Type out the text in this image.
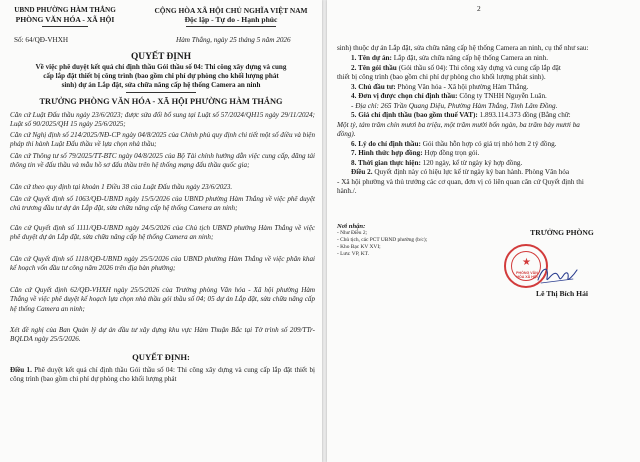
UBND PHƯỜNG HÀM THẮNG
PHÒNG VĂN HÓA - XÃ HỘI
CỘNG HÒA XÃ HỘI CHỦ NGHĨA VIỆT NAM
Độc lập - Tự do - Hạnh phúc
Số: 64/QĐ-VHXH	Hàm Thắng, ngày 25 tháng 5 năm 2026
QUYẾT ĐỊNH
Về việc phê duyệt kết quả chỉ định thầu Gói thầu số 04: Thi công xây dựng và cung
cấp lắp đặt thiết bị công trình (bao gồm chi phí dự phòng cho khối lượng phát
sinh) dự án Lắp đặt, sửa chữa nâng cấp hệ thống Camera an ninh
TRƯỞNG PHÒNG VĂN HÓA - XÃ HỘI PHƯỜNG HÀM THẮNG
Căn cứ Luật Đấu thầu ngày 23/6/2023; được sửa đổi bổ sung tại Luật số 57/2024/QH15 ngày 29/11/2024; Luật số 90/2025/QH 15 ngày 25/6/2025;
Căn cứ Nghị định số 214/2025/NĐ-CP ngày 04/8/2025 của Chính phủ quy định chi tiết một số điều và biện pháp thi hành Luật Đấu thầu về lựa chọn nhà thầu;
Căn cứ Thông tư số 79/2025/TT-BTC ngày 04/8/2025 của Bộ Tài chính hướng dẫn việc cung cấp, đăng tải thông tin về đấu thầu và mẫu hồ sơ đấu thầu trên hệ thống mạng đấu thầu quốc gia;
Căn cứ theo quy định tại khoản 1 Điều 38 của Luật Đấu thầu ngày 23/6/2023.
Căn cứ Quyết định số 1063/QĐ-UBND ngày 15/5/2026 của UBND phường Hàm Thắng về việc phê duyệt chủ trương đầu tư dự án Lắp đặt, sửa chữa nâng cấp hệ thống Camera an ninh;
Căn cứ Quyết định số 1111/QĐ-UBND ngày 24/5/2026 của Chủ tịch UBND phường Hàm Thắng về việc phê duyệt dự án Lắp đặt, sửa chữa nâng cấp hệ thống Camera an ninh;
Căn cứ Quyết định số 1118/QĐ-UBND ngày 25/5/2026 của UBND phường Hàm Thắng về việc phân khai kế hoạch vốn đầu tư công năm 2026 trên địa bàn phường;
Căn cứ Quyết định 62/QĐ-VHXH ngày 25/5/2026 của Trưởng phòng Văn hóa - Xã hội phường Hàm Thắng về việc phê duyệt kế hoạch lựa chọn nhà thầu gói thầu số 04; 05 dự án Lắp đặt, sửa chữa nâng cấp hệ thống Camera an ninh;
Xét đề nghị của Ban Quản lý dự án đầu tư xây dựng khu vực Hàm Thuận Bắc tại Tờ trình số 209/TTr-BQLDA ngày 25/5/2026.
QUYẾT ĐỊNH:
Điều 1. Phê duyệt kết quả chỉ định thầu Gói thầu số 04: Thi công xây dựng và cung cấp lắp đặt thiết bị công trình (bao gồm chi phí dự phòng cho khối lượng phát
2
sinh) thuộc dự án Lắp đặt, sửa chữa nâng cấp hệ thống Camera an ninh, cụ thể như sau:
1. Tên dự án: Lắp đặt, sửa chữa nâng cấp hệ thống Camera an ninh.
2. Tên gói thầu (Gói thầu số 04): Thi công xây dựng và cung cấp lắp đặt
thiết bị công trình (bao gồm chi phí dự phòng cho khối lượng phát sinh).
3. Chủ đầu tư: Phòng Văn hóa - Xã hội phường Hàm Thắng.
4. Đơn vị được chọn chỉ định thầu: Công ty TNHH Nguyễn Luân.
- Địa chỉ: 265 Trần Quang Diệu, Phường Hàm Thắng, Tỉnh Lâm Đồng.
5. Giá chỉ định thầu (bao gồm thuế VAT): 1.893.114.373 đồng (Bằng chữ:
Một tỷ, tám trăm chín mươi ba triệu, một trăm mười bốn ngàn, ba trăm bảy mươi ba
đồng).
6. Lý do chỉ định thầu: Gói thầu hỗn hợp có giá trị nhỏ hơn 2 tỷ đồng.
7. Hình thức hợp đồng: Hợp đồng trọn gói.
8. Thời gian thực hiện: 120 ngày, kể từ ngày ký hợp đồng.
Điều 2. Quyết định này có hiệu lực kể từ ngày ký ban hành. Phòng Văn hóa
- Xã hội phường và thủ trưởng các cơ quan, đơn vị có liên quan căn cứ Quyết định thi
hành./.
Nơi nhận:
- Như Điều 2;
- Chủ tịch, các PCT UBND phường (b/c);
- Kho Bạc KV XVI;
- Lưu: VP, KT.
TRƯỞNG PHÒNG
★
PHÒNG VĂN HÓA XÃ HỘI
Lê Thị Bích Hải
